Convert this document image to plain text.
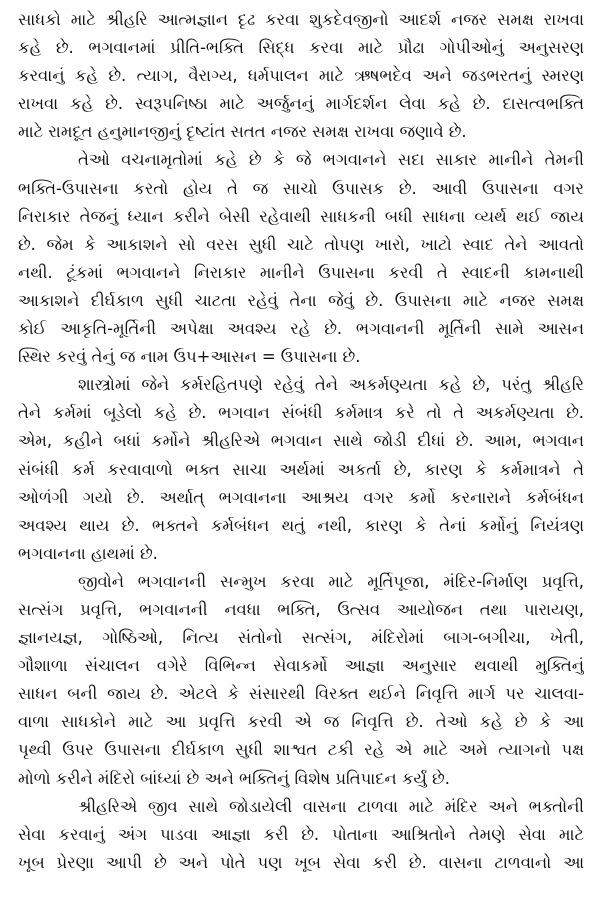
સાધકો માટે શ્રીહરિ આત્મજ્ઞાન દૃઢ કરવા શુકદેવજીનો આદર્શ નજર સમક્ષ રાખવા
કહે છે. ભગવાનમાં પ્રીતિ-ભક્તિ સિદ્ધ કરવા માટે પ્રૌઢા ગોપીઓનું અનુસરણ
કરવાનું કહે છે. ત્યાગ, વૈરાગ્ય, ધર્મપાલન માટે ઋષભદેવ અને જડભરતનું સ્મરણ
રાખવા કહે છે. સ્વરૂપનિષ્ઠા માટે અર્જુનનું માર્ગદર્શન લેવા કહે છે. દાસત્વભક્તિ
માટે રામદૂત હનુમાનજીનું દૃષ્ટાંત સતત નજર સમક્ષ રાખવા જણાવે છે.
તેઓ વચનામૃતોમાં કહે છે કે જે ભગવાનને સદા સાકાર માનીને તેમની
ભક્તિ-ઉપાસના કરતો હોય તે જ સાચો ઉપાસક છે. આવી ઉપાસના વગર
નિરાકાર તેજનું ધ્યાન કરીને બેસી રહેવાથી સાધકની બધી સાધના વ્યર્થ થઈ જાય
છે. જેમ કે આકાશને સો વરસ સુધી ચાટે તોપણ ખારો, ખાટો સ્વાદ તેને આવતો
નથી. ટૂંકમાં ભગવાનને નિરાકાર માનીને ઉપાસના કરવી તે સ્વાદની કામનાથી
આકાશને દીર્ઘકાળ સુધી ચાટતા રહેવું તેના જેવું છે. ઉપાસના માટે નજર સમક્ષ
કોઈ આકૃતિ-મૂર્તિની અપેક્ષા અવશ્ય રહે છે. ભગવાનની મૂર્તિની સામે આસન
સ્થિર કરવું તેનું જ નામ ઉપ+આસન = ઉપાસના છે.
શાસ્ત્રોમાં જેને કર્મરહિતપણે રહેવું તેને અકર્મણ્યતા કહે છે, પરંતુ શ્રીહરિ
તેને કર્મમાં બૂડેલો કહે છે. ભગવાન સંબંધી કર્મમાત્ર કરે તો તે અકર્મણ્યતા છે.
એમ, કહીને બધાં કર્મોને શ્રીહરિએ ભગવાન સાથે જોડી દીધાં છે. આમ, ભગવાન
સંબંધી કર્મ કરવાવાળો ભક્ત સાચા અર્થમાં અકર્તા છે, કારણ કે કર્મમાત્રને તે
ઓળંગી ગયો છે. અર્થાત્ ભગવાનના આશ્રય વગર કર્મો કરનારાને કર્મબંધન
અવશ્ય થાય છે. ભક્તને કર્મબંધન થતું નથી, કારણ કે તેનાં કર્મોનું નિયંત્રણ
ભગવાનના હાથમાં છે.
જીવોને ભગવાનની સન્મુખ કરવા માટે મૂર્તિપૂજા, મંદિર-નિર્માણ પ્રવૃત્તિ,
સત્સંગ પ્રવૃત્તિ, ભગવાનની નવધા ભક્તિ, ઉત્સવ આયોજન તથા પારાયણ,
જ્ઞાનયજ્ઞ, ગોષ્ઠિઓ, નિત્ય સંતોનો સત્સંગ, મંદિરોમાં બાગ-બગીચા, ખેતી,
ગૌશાળા સંચાલન વગેરે વિભિન્ન સેવાકર્મો આજ્ઞા અનુસાર થવાથી મુક્તિનું
સાધન બની જાય છે. એટલે કે સંસારથી વિરક્ત થઈને નિવૃત્તિ માર્ગ પર ચાલવા-
વાળા સાધકોને માટે આ પ્રવૃત્તિ કરવી એ જ નિવૃત્તિ છે. તેઓ કહે છે કે આ
પૃથ્વી ઉપર ઉપાસના દીર્ઘકાળ સુધી શાશ્વત ટકી રહે એ માટે અમે ત્યાગનો પક્ષ
મોળો કરીને મંદિરો બાંધ્યાં છે અને ભક્તિનું વિશેષ પ્રતિપાદન કર્યું છે.
શ્રીહરિએ જીવ સાથે જોડાયેલી વાસના ટાળવા માટે મંદિર અને ભક્તોની
સેવા કરવાનું અંગ પાડવા આજ્ઞા કરી છે. પોતાના આશ્રિતોને તેમણે સેવા માટે
ખૂબ પ્રેરણા આપી છે અને પોતે પણ ખૂબ સેવા કરી છે. વાસના ટાળવાનો આ
